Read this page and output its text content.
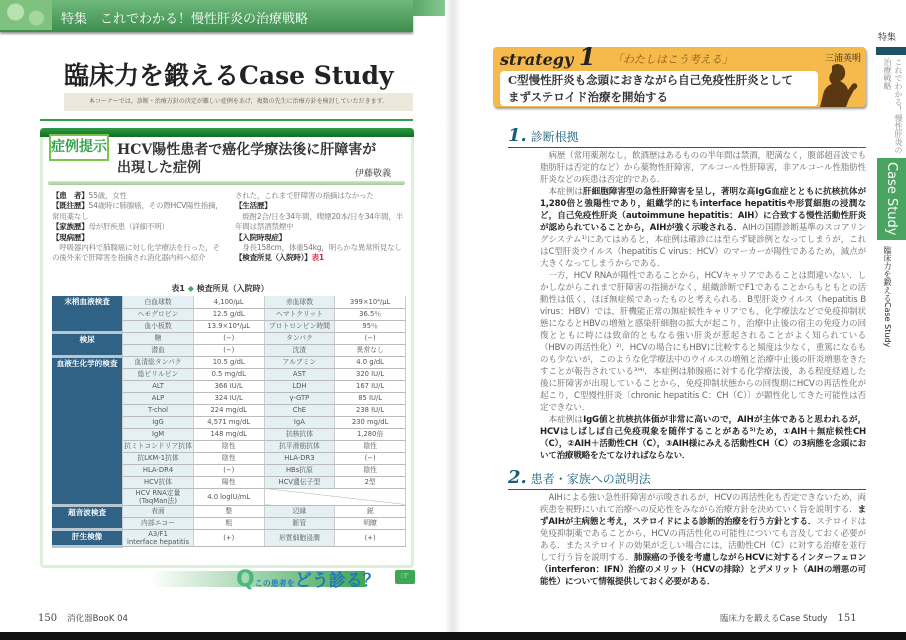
特集　これでわかる！慢性肝炎の治療戦略
臨床力を鍛えるCase Study
本コーナーでは，診断・治療方針の決定が難しい症例をあげ，複数の先生に治療方針を検討していただきます．
症例提示 HCV陽性患者で癌化学療法後に肝障害が
出現した症例	伊藤敬義
【患　者】55歳，女性
【既往歴】54歳時に肺腺癌，その際HCV陽性指摘，常用薬なし
【家族歴】母が肝疾患（詳細不明）
【現病歴】
　呼吸器内科で肺腺癌に対し化学療法を行った，その後外来で肝障害を指摘され消化器内科へ紹介
された，これまで肝障害の指摘はなかった
【生活歴】
　焼酎2合/日を34年間，喫煙20本/日を34年間，半年間は禁酒禁煙中
【入院時現症】
　身長158cm，体重54kg，明らかな異常所見なし
【検査所見（入院時）】表1
表1 ◆ 検査所見（入院時）
末梢血液検査	白血球数	4,100/μL	赤血球数	399×10⁴/μL
	ヘモグロビン	12.5 g/dL	ヘマトクリット	36.5％
	血小板数	13.9×10⁴/μL	プロトロンビン時間	95％
検尿	糖	(−)	タンパク	(−)
	潜血	(−)	沈渣	異常なし
血液生化学的検査	血清総タンパク	10.5 g/dL	アルブミン	4.0 g/dL
	総ビリルビン	0.5 mg/dL	AST	320 IU/L
	ALT	366 IU/L	LDH	167 IU/L
	ALP	324 IU/L	γ-GTP	85 IU/L
	T-chol	224 mg/dL	ChE	238 IU/L
	IgG	4,571 mg/dL	IgA	230 mg/dL
	IgM	148 mg/dL	抗核抗体	1,280倍
	抗ミトコンドリア抗体	陰性	抗平滑筋抗体	陰性
	抗LKM-1抗体	陰性	HLA-DR3	(−)
	HLA-DR4	(−)	HBs抗原	陰性
	HCV抗体	陽性	HCV遺伝子型	2型
	HCV RNA定量
(TaqMan法)	4.0 logIU/mL		
超音波検査	表面	整	辺縁	鋭
	内部エコー	粗	脈管	明瞭
肝生検像	A3/F1
interface hepatitis	(+)	形質細胞浸潤	(+)
Qこの患者をどう診る？	☞
150 消化器BooK 04
strategy 1 「わたしはこう考える」	三浦英明
C型慢性肝炎も念頭におきながら自己免疫性肝炎として
まずステロイド治療を開始する
1. 診断根拠

病歴（常用薬剤なし，飲酒歴はあるものの半年間は禁酒，肥満なく，腹部超音波でも脂肪肝は否定的など）から薬物性肝障害，アルコール性肝障害，非アルコール性脂肪性肝炎などの疾患は否定的である．

本症例は肝細胞障害型の急性肝障害を呈し，著明な高IgG血症とともに抗核抗体が1,280倍と強陽性であり，組織学的にもinterface hepatitisや形質細胞の浸潤など，自己免疫性肝炎（autoimmune hepatitis：AIH）に合致する慢性活動性肝炎が認められていることから，AIHが強く示唆される．AIHの国際診断基準のスコアリングシステム¹⁾にあてはめると，本症例は確診には至らず疑診例となってしまうが，これはC型肝炎ウイルス（hepatitis C virus：HCV）のマーカーが陽性であるため，減点が大きくなってしまうからである．

一方，HCV RNAが陽性であることから，HCVキャリアであることは間違いない．しかしながらこれまで肝障害の指摘がなく，組織診断でF1であることからもともとの活動性は低く，ほぼ無症候であったものと考えられる．B型肝炎ウイルス（hepatitis B virus：HBV）では，肝機能正常の無症候性キャリアでも，化学療法などで免疫抑制状態になるとHBVの増殖と感染肝細胞の拡大が起こり，治療中止後の宿主の免疫力の回復とともに時には致命的ともなる強い肝炎が惹起されることがよく知られている（HBVの再活性化）²⁾．HCVの場合にもHBVに比較すると頻度は少なく，重篤になるものも少ないが，このような化学療法中のウイルスの増殖と治療中止後の肝炎増悪をきたすことが報告されている³⁾⁴⁾．本症例は肺腺癌に対する化学療法後，ある程度経過した後に肝障害が出現していることから，免疫抑制状態からの回復期にHCVの再活性化が起こり，C型慢性肝炎〔chronic hepatitis C：CH（C）〕が顕性化してきた可能性は否定できない．

本症例はIgG値と抗核抗体価が非常に高いので，AIHが主体であると思われるが，HCVはしばしば自己免疫現象を随伴することがある⁵⁾ため，①AIH＋無症候性CH（C），②AIH＋活動性CH（C），③AIH様にみえる活動性CH（C）の3病態を念頭において治療戦略をたてなければならない．

2. 患者・家族への説明法

AIHによる強い急性肝障害が示唆されるが，HCVの再活性化も否定できないため，両疾患を視野にいれて治療への反応性をみながら治療方針を決めていく旨を説明する．まずAIHが主病態と考え，ステロイドによる診断的治療を行う方針とする．ステロイドは免疫抑制薬であることから，HCVの再活性化の可能性についても言及しておく必要がある．またステロイドの効果が乏しい場合には，活動性CH（C）に対する治療を並行して行う旨を説明する．肺腺癌の予後を考慮しながらHCVに対するインターフェロン（interferon：IFN）治療のメリット（HCVの排除）とデメリット（AIHの増悪の可能性）について情報提供しておく必要がある．

臨床力を鍛えるCase Study 151
特集
これでわかる！慢性肝炎の治療戦略
Case Study
臨床力を鍛えるCase Study
